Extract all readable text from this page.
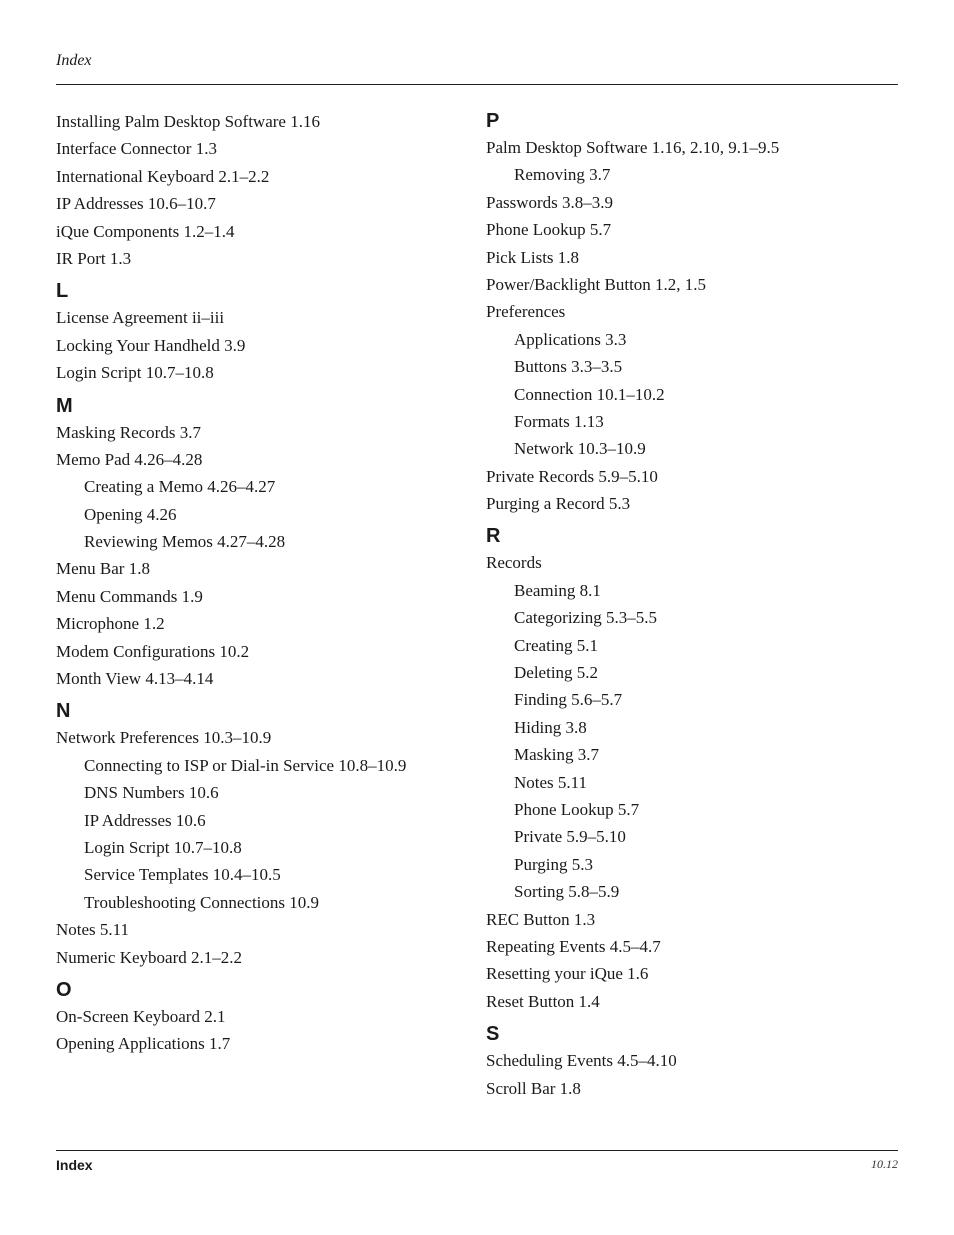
Index
Installing Palm Desktop Software 1.16
Interface Connector 1.3
International Keyboard 2.1–2.2
IP Addresses 10.6–10.7
iQue Components 1.2–1.4
IR Port 1.3
L
License Agreement ii–iii
Locking Your Handheld 3.9
Login Script 10.7–10.8
M
Masking Records 3.7
Memo Pad 4.26–4.28
Creating a Memo 4.26–4.27
Opening 4.26
Reviewing Memos 4.27–4.28
Menu Bar 1.8
Menu Commands 1.9
Microphone 1.2
Modem Configurations 10.2
Month View 4.13–4.14
N
Network Preferences 10.3–10.9
Connecting to ISP or Dial-in Service 10.8–10.9
DNS Numbers 10.6
IP Addresses 10.6
Login Script 10.7–10.8
Service Templates 10.4–10.5
Troubleshooting Connections 10.9
Notes 5.11
Numeric Keyboard 2.1–2.2
O
On-Screen Keyboard 2.1
Opening Applications 1.7
P
Palm Desktop Software 1.16, 2.10, 9.1–9.5
Removing 3.7
Passwords 3.8–3.9
Phone Lookup 5.7
Pick Lists 1.8
Power/Backlight Button 1.2, 1.5
Preferences
Applications 3.3
Buttons 3.3–3.5
Connection 10.1–10.2
Formats 1.13
Network 10.3–10.9
Private Records 5.9–5.10
Purging a Record 5.3
R
Records
Beaming 8.1
Categorizing 5.3–5.5
Creating 5.1
Deleting 5.2
Finding 5.6–5.7
Hiding 3.8
Masking 3.7
Notes 5.11
Phone Lookup 5.7
Private 5.9–5.10
Purging 5.3
Sorting 5.8–5.9
REC Button 1.3
Repeating Events 4.5–4.7
Resetting your iQue 1.6
Reset Button 1.4
S
Scheduling Events 4.5–4.10
Scroll Bar 1.8
Index	10.12
